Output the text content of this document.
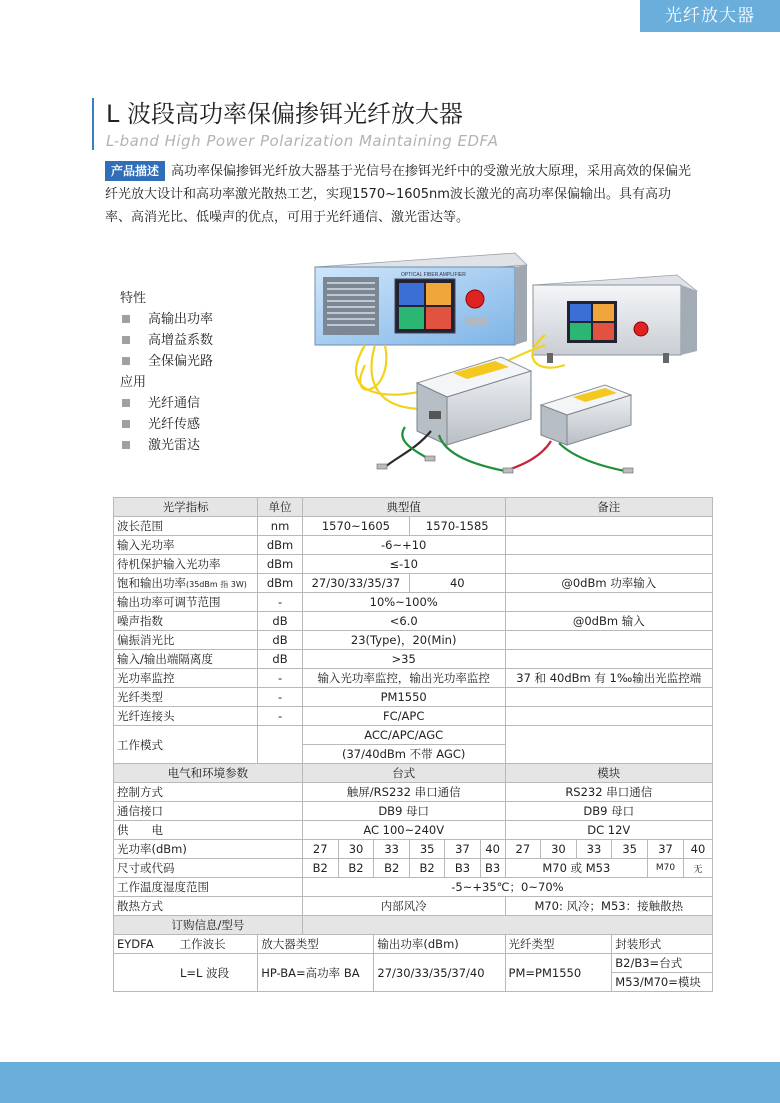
光纤放大器
L 波段高功率保偏掺铒光纤放大器
L-band High Power Polarization Maintaining EDFA
产品描述 高功率保偏掺铒光纤放大器基于光信号在掺铒光纤中的受激光放大原理，采用高效的保偏光纤光放大设计和高功率激光散热工艺，实现1570~1605nm波长激光的高功率保偏输出。具有高功率、高消光比、低噪声的优点，可用于光纤通信、激光雷达等。
特性
高输出功率
高增益系数
全保偏光路
应用
光纤通信
光纤传感
激光雷达
OPTICAL FIBER AMPLIFIER
光学指标	单位	典型值						备注					
波长范围	nm	1570~1605			1570-1585								
输入光功率	dBm	-6~+10											
待机保护输入光功率	dBm	≤-10											
饱和输出功率(35dBm 指 3W)	dBm	27/30/33/35/37			40			@0dBm 功率输入					
输出功率可调节范围	-	10%~100%											
噪声指数	dB	<6.0						@0dBm 输入					
偏振消光比	dB	23(Type)，20(Min)											
输入/输出端隔离度	dB	>35											
光功率监控	-	输入光功率监控，输出光功率监控						37 和 40dBm 有 1‰输出光监控端					
光纤类型	-	PM1550											
光纤连接头	-	FC/APC											
工作模式		ACC/APC/AGC											
		(37/40dBm 不带 AGC)											
电气和环境参数		台式						模块					
控制方式		触屏/RS232 串口通信						RS232 串口通信					
通信接口		DB9 母口						DB9 母口					
供　　电		AC 100~240V						DC 12V					
光功率(dBm)		27	30	33	35	37	40	27	30	33	35	37	40
尺寸或代码		B2	B2	B2	B2	B3	B3	M70 或 M53				M70	无
工作温度湿度范围		-5~+35℃；0~70%											
散热方式		内部风冷						M70: 风冷；M53：接触散热					
订购信息/型号													
EYDFA 工作波长	放大器类型			输出功率(dBm)				光纤类型			封装形式		
L=L 波段	HP-BA=高功率 BA			27/30/33/35/37/40				PM=PM1550			B2/B3=台式		
											M53/M70=模块		
